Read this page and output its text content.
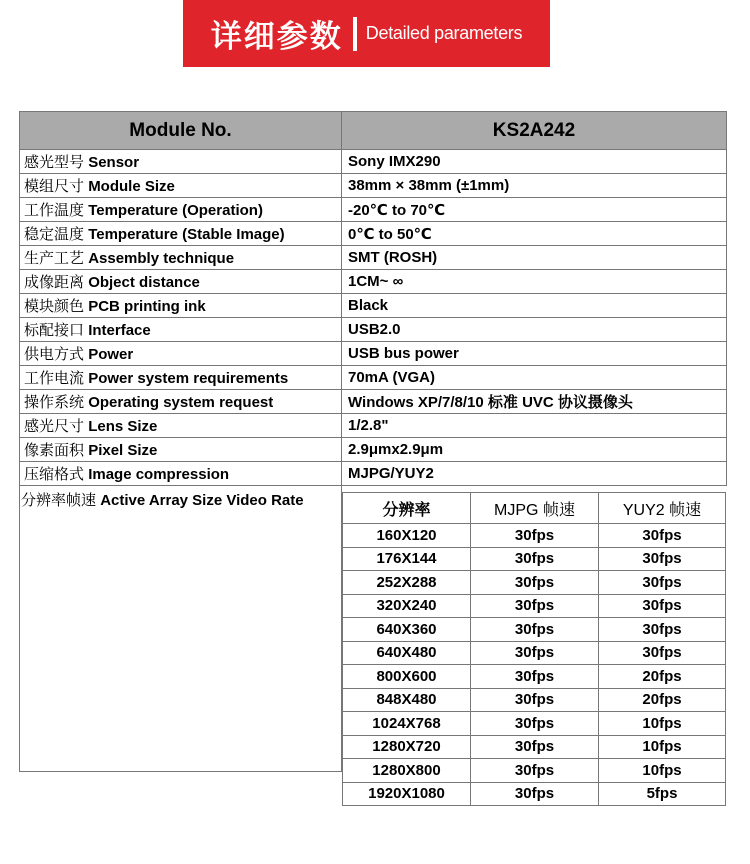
详细参数 Detailed parameters
Module No.	KS2A242
感光型号 Sensor	Sony IMX290
模组尺寸 Module Size	38mm × 38mm (±1mm)
工作温度 Temperature (Operation)	-20℃ to 70℃
稳定温度 Temperature (Stable Image)	0℃ to 50℃
生产工艺 Assembly technique	SMT (ROSH)
成像距离 Object distance	1CM~ ∞
模块颜色 PCB printing ink	Black
标配接口 Interface	USB2.0
供电方式 Power	USB bus power
工作电流 Power system requirements	70mA (VGA)
操作系统 Operating system request	Windows XP/7/8/10 标准 UVC 协议摄像头
感光尺寸 Lens Size	1/2.8"
像素面积 Pixel Size	2.9μmx2.9μm
压缩格式 Image compression	MJPG/YUY2
分辨率帧速 Active Array Size Video Rate		分辨率	MJPG 帧速	YUY2 帧速
160X120	30fps	30fps
176X144	30fps	30fps
252X288	30fps	30fps
320X240	30fps	30fps
640X360	30fps	30fps
640X480	30fps	30fps
800X600	30fps	20fps
848X480	30fps	20fps
1024X768	30fps	10fps
1280X720	30fps	10fps
1280X800	30fps	10fps
1920X1080	30fps	5fps
